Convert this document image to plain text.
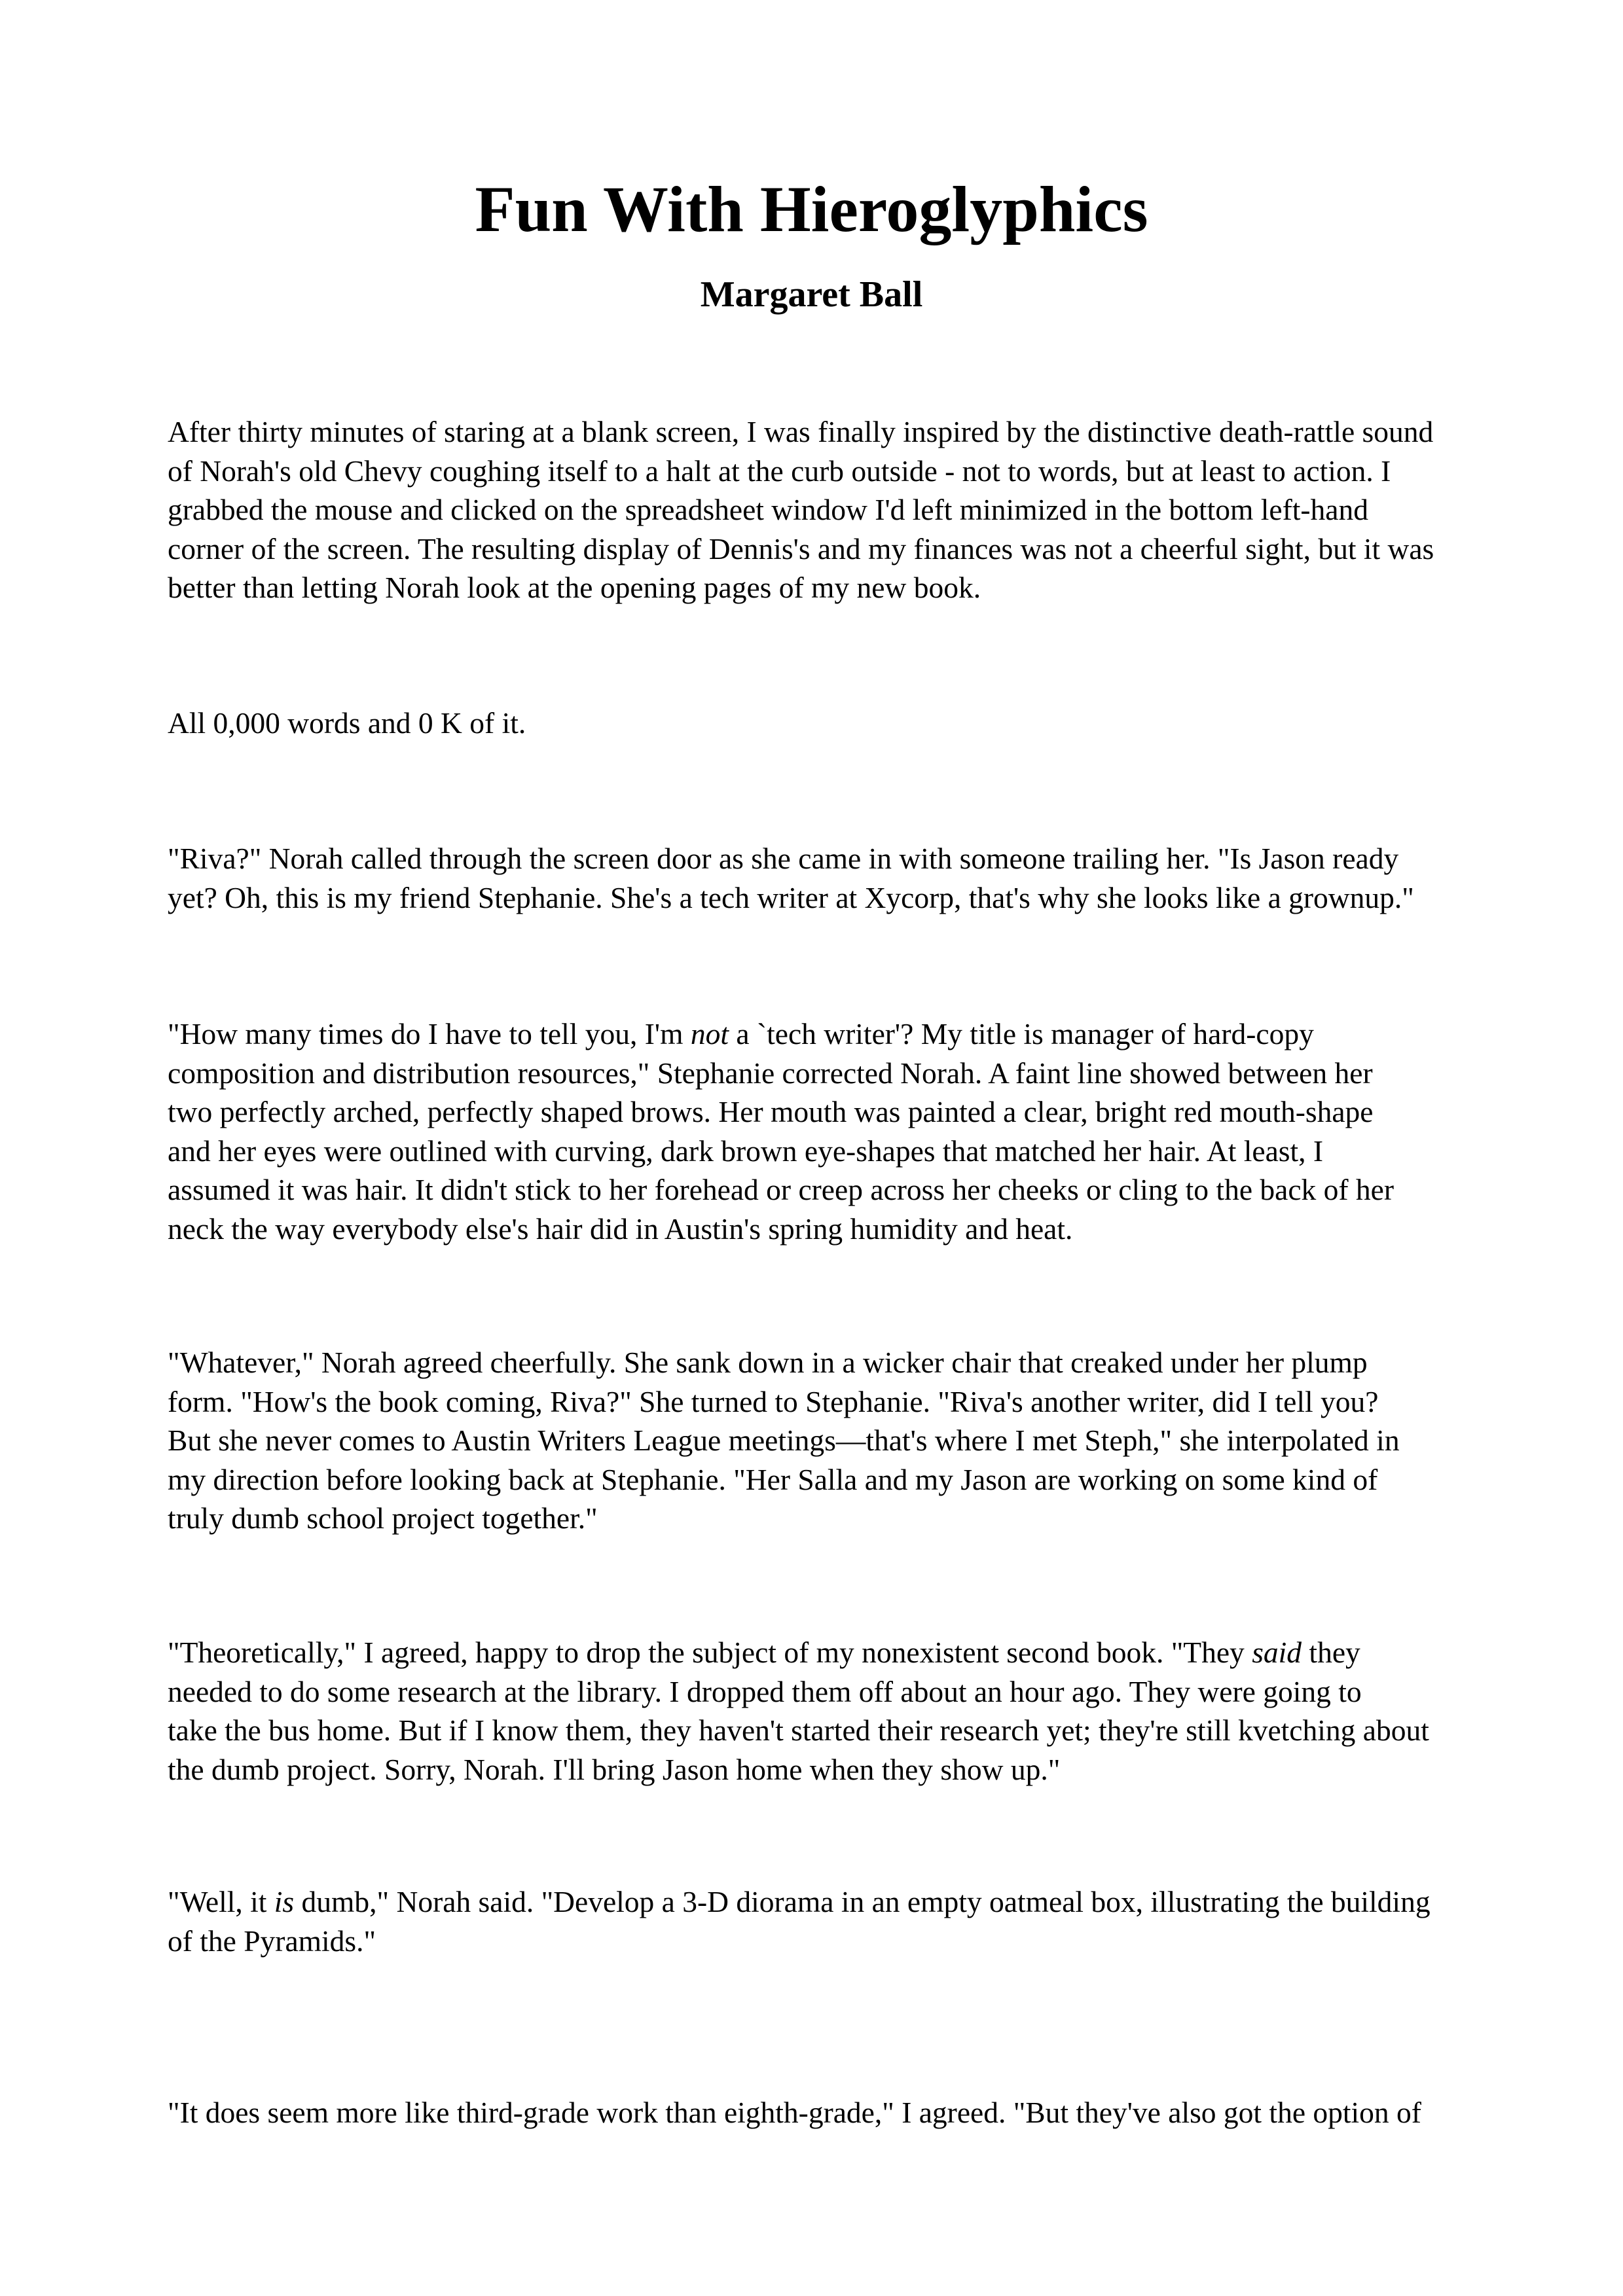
Fun With Hieroglyphics
Margaret Ball

After thirty minutes of staring at a blank screen, I was finally inspired by the distinctive death-rattle sound
of Norah's old Chevy coughing itself to a halt at the curb outside - not to words, but at least to action. I
grabbed the mouse and clicked on the spreadsheet window I'd left minimized in the bottom left-hand
corner of the screen. The resulting display of Dennis's and my finances was not a cheerful sight, but it was
better than letting Norah look at the opening pages of my new book.

All 0,000 words and 0 K of it.

"Riva?" Norah called through the screen door as she came in with someone trailing her. "Is Jason ready
yet? Oh, this is my friend Stephanie. She's a tech writer at Xycorp, that's why she looks like a grownup."

"How many times do I have to tell you, I'm not a `tech writer'? My title is manager of hard-copy
composition and distribution resources," Stephanie corrected Norah. A faint line showed between her
two perfectly arched, perfectly shaped brows. Her mouth was painted a clear, bright red mouth-shape
and her eyes were outlined with curving, dark brown eye-shapes that matched her hair. At least, I
assumed it was hair. It didn't stick to her forehead or creep across her cheeks or cling to the back of her
neck the way everybody else's hair did in Austin's spring humidity and heat.

"Whatever," Norah agreed cheerfully. She sank down in a wicker chair that creaked under her plump
form. "How's the book coming, Riva?" She turned to Stephanie. "Riva's another writer, did I tell you?
But she never comes to Austin Writers League meetings—that's where I met Steph," she interpolated in
my direction before looking back at Stephanie. "Her Salla and my Jason are working on some kind of
truly dumb school project together."

"Theoretically," I agreed, happy to drop the subject of my nonexistent second book. "They said they
needed to do some research at the library. I dropped them off about an hour ago. They were going to
take the bus home. But if I know them, they haven't started their research yet; they're still kvetching about
the dumb project. Sorry, Norah. I'll bring Jason home when they show up."

"Well, it is dumb," Norah said. "Develop a 3-D diorama in an empty oatmeal box, illustrating the building
of the Pyramids."

"It does seem more like third-grade work than eighth-grade," I agreed. "But they've also got the option of
